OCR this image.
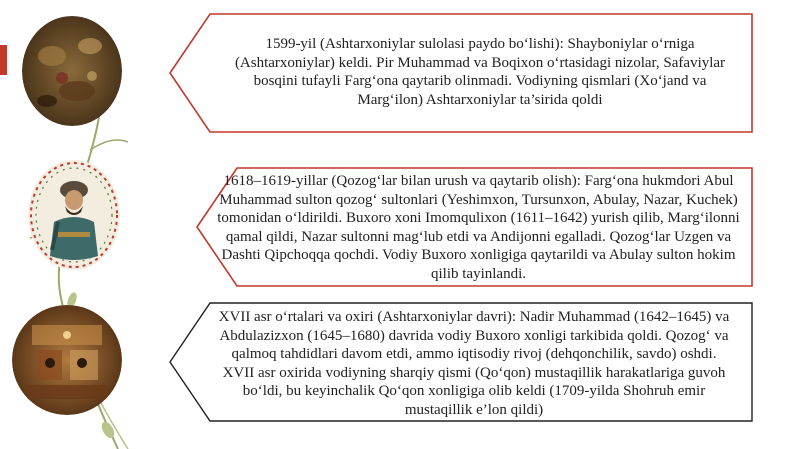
1599-yil (Ashtarxoniylar sulolasi paydo bo‘lishi): Shayboniylar o‘rniga (Ashtarxoniylar) keldi. Pir Muhammad va Boqixon o‘rtasidagi nizolar, Safaviylar bosqini tufayli Farg‘ona qaytarib olinmadi. Vodiyning qismlari (Xo‘jand va Marg‘ilon) Ashtarxoniylar ta’sirida qoldi
1618–1619-yillar (Qozog‘lar bilan urush va qaytarib olish): Farg‘ona hukmdori Abul Muhammad sulton qozog‘ sultonlari (Yeshimxon, Tursunxon, Abulay, Nazar, Kuchek) tomonidan o‘ldirildi. Buxoro xoni Imomqulixon (1611–1642) yurish qilib, Marg‘ilonni qamal qildi, Nazar sultonni mag‘lub etdi va Andijonni egalladi. Qozog‘lar Uzgen va Dashti Qipchoqqa qochdi. Vodiy Buxoro xonligiga qaytarildi va Abulay sulton hokim qilib tayinlandi.
XVII asr o‘rtalari va oxiri (Ashtarxoniylar davri): Nadir Muhammad (1642–1645) va Abdulazizxon (1645–1680) davrida vodiy Buxoro xonligi tarkibida qoldi. Qozog‘ va qalmoq tahdidlari davom etdi, ammo iqtisodiy rivoj (dehqonchilik, savdo) oshdi. XVII asr oxirida vodiyning sharqiy qismi (Qo‘qon) mustaqillik harakatlariga guvoh bo‘ldi, bu keyinchalik Qo‘qon xonligiga olib keldi (1709-yilda Shohruh emir mustaqillik e’lon qildi)
